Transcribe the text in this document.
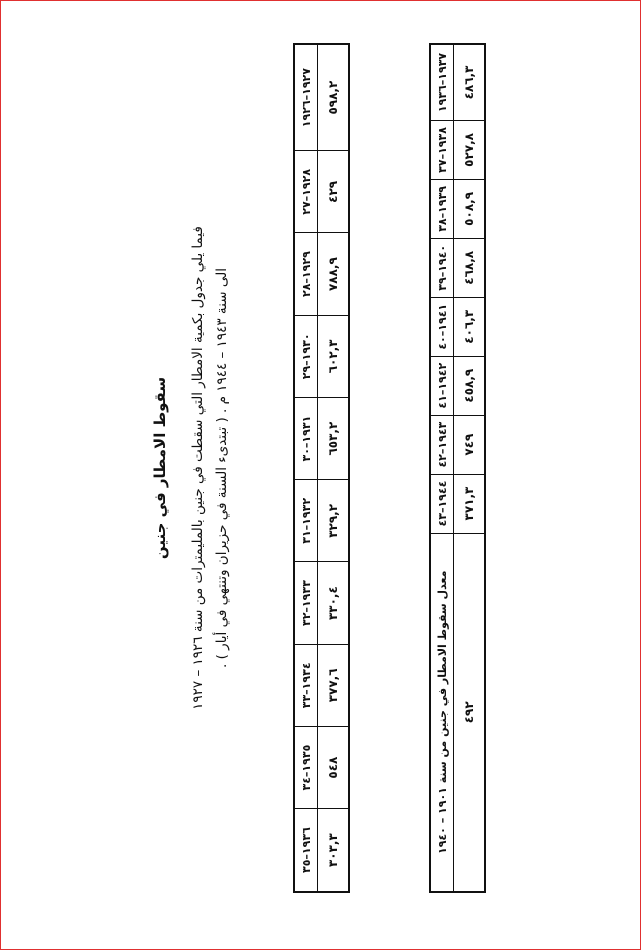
سقوط الامطار في جنين
فيما يلي جدول بكمية الامطار التي سقطت في جنين بالمليمترات من سنة ١٩٢٦ – ١٩٢٧ الى سنة ١٩٤٣ – ١٩٤٤ م . ( تبتدىء السنة في حزيران وتنتهي في أيار ) .
١٩٢٧–١٩٢٦	١٩٢٨–٢٧	١٩٢٩–٢٨	١٩٣٠–٢٩	١٩٣١–٣٠	١٩٣٢–٣١	١٩٣٣–٣٢	١٩٣٤–٣٣	١٩٣٥–٣٤	١٩٣٦–٣٥
٥٩٨,٢	٤٢٩	٧٨٨,٩	٦٠٢,٣	٦٥٣,٢	٣٢٩,٢	٣٣٠,٤	٣٧٧,٦	٥٤٨	٣٠٣,٣
١٩٣٧–١٩٣٦	١٩٣٨–٣٧	١٩٣٩–٣٨	١٩٤٠–٣٩	١٩٤١–٤٠	١٩٤٢–٤١	١٩٤٣–٤٢	١٩٤٤–٤٣	معدل سقوط الامطار في جنين من سنة ١٩٠١ – ١٩٤٠
٤٨٦,٣	٥٢٧,٨	٥٠٨,٩	٤٦٨,٨	٤٠٦,٣	٤٥٨,٩	٧٤٩	٣٧١,٣	٤٩٢
